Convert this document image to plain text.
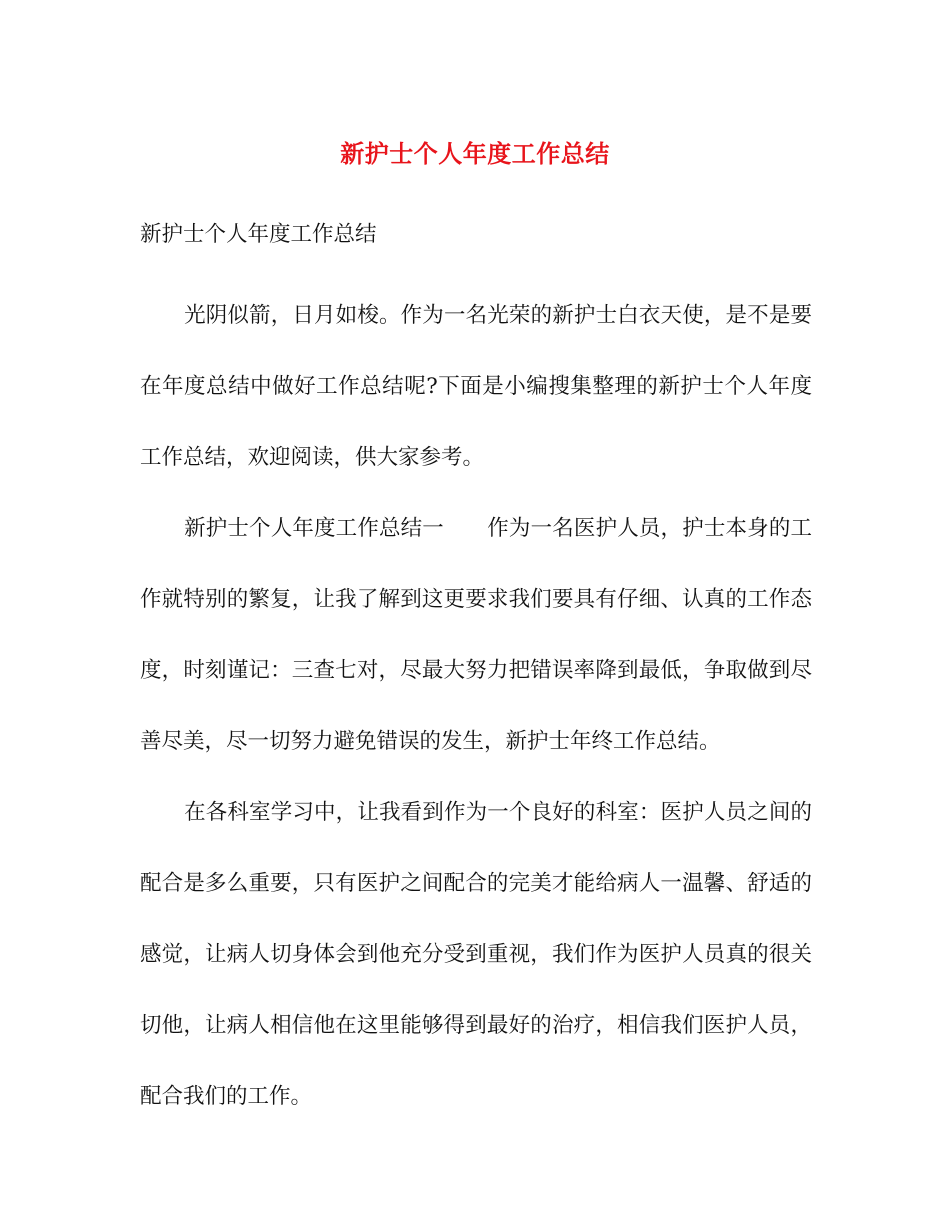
新护士个人年度工作总结

新护士个人年度工作总结

光阴似箭，日月如梭。作为一名光荣的新护士白衣天使，是不是要在年度总结中做好工作总结呢?下面是小编搜集整理的新护士个人年度工作总结，欢迎阅读，供大家参考。

新护士个人年度工作总结一　　作为一名医护人员，护士本身的工作就特别的繁复，让我了解到这更要求我们要具有仔细、认真的工作态度，时刻谨记：三查七对，尽最大努力把错误率降到最低，争取做到尽善尽美，尽一切努力避免错误的发生，新护士年终工作总结。

在各科室学习中，让我看到作为一个良好的科室：医护人员之间的配合是多么重要，只有医护之间配合的完美才能给病人一温馨、舒适的感觉，让病人切身体会到他充分受到重视，我们作为医护人员真的很关切他，让病人相信他在这里能够得到最好的治疗，相信我们医护人员，配合我们的工作。
